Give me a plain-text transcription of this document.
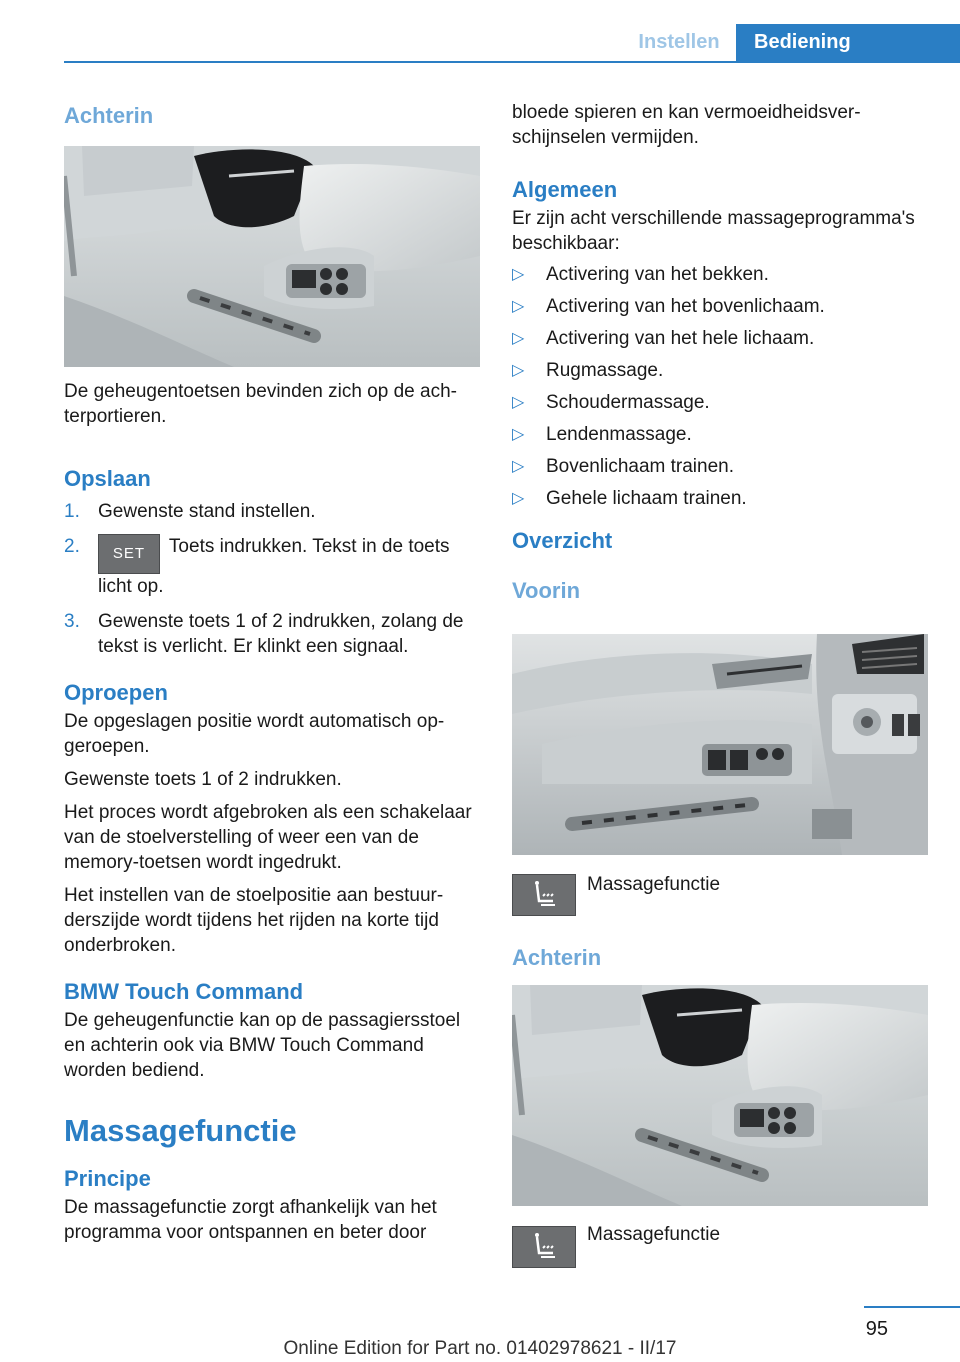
Instellen	Bediening
Achterin

De geheugentoetsen bevinden zich op de achterportieren.

Opslaan
1. Gewenste stand instellen.
2. SET Toets indrukken. Tekst in de toets licht op.
3. Gewenste toets 1 of 2 indrukken, zolang de tekst is verlicht. Er klinkt een signaal.
Oproepen

De opgeslagen positie wordt automatisch opgeroepen.

Gewenste toets 1 of 2 indrukken.

Het proces wordt afgebroken als een schakelaar van de stoelverstelling of weer een van de memory-toetsen wordt ingedrukt.

Het instellen van de stoelpositie aan bestuurderszijde wordt tijdens het rijden na korte tijd onderbroken.

BMW Touch Command

De geheugenfunctie kan op de passagiersstoel en achterin ook via BMW Touch Command worden bediend.

Massagefunctie
Principe

De massagefunctie zorgt afhankelijk van het programma voor ontspannen en beter door

bloede spieren en kan vermoeidheidsverschijnselen vermijden.

Algemeen

Er zijn acht verschillende massageprogramma's beschikbaar:

▷ Activering van het bekken.
▷ Activering van het bovenlichaam.
▷ Activering van het hele lichaam.
▷ Rugmassage.
▷ Schoudermassage.
▷ Lendenmassage.
▷ Bovenlichaam trainen.
▷ Gehele lichaam trainen.
Overzicht
Voorin
Massagefunctie
Achterin
Massagefunctie
95
Online Edition for Part no. 01402978621 - II/17
